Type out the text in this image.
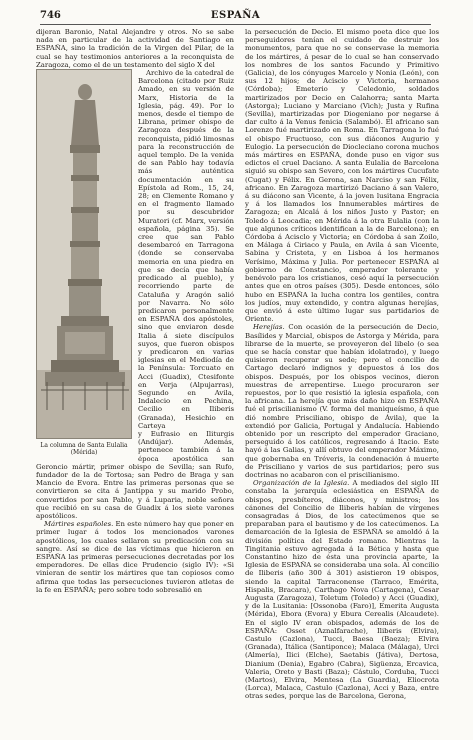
746	ESPAÑA

dijeran Baronio, Natal Alejandre y otros. No se sabe nada en particular de la actividad de Santiago en ESPAÑA, sino la tradición de la Virgen del Pilar, de la cual se hay testimonios anteriores a la reconquista de Zaragoza, como el de un testamento del siglo X del

La columna de Santa Eulalia
(Mérida)

Archivo de la catedral de Barcelona (citado por Ruiz Amado, en su versión de Marx, Historia de la Iglesia, pág. 49). Por lo menos, desde el tiempo de Librana, primer obispo de Zaragoza después de la reconquista, pidió limosnas para la reconstrucción de aquel templo. De la venida de san Pablo hay todavía más auténtica documentación en su Epístola ad Rom., 15, 24, 28; en Clemente Romano y en el fragmento llamado por su descubridor Muratori (cf. Marx, versión española, página 35). Se cree que san Pablo desembarcó en Tarragona (donde se conservaba memoria en una piedra en que se decía que había predicado al pueblo), y recorriendo parte de Cataluña y Aragón salió por Navarra. No sólo predicaron personalmente en ESPAÑA dos apóstoles, sino que enviaron desde Italia á siete discípulos suyos, que fueron obispos y predicaron en varias iglesias en el Mediodía de la Península: Torcuato en Acci (Guadix), Ctesifonte en Verja (Alpujarras), Segundo en Avila, Indalecio en Pechina, Cecilio en Iliberis (Granada), Hesichio en Carteya

y Eufrasio en Iliturgis (Andújar). Además, pertenece también á la época apostólica san Geroncio mártir, primer obispo de Sevilla; san Rufo, fundador de la de Tortosa; san Pedro de Braga y san Mancio de Evora. Entre las primeras personas que se convirtieron se cita á Jantippa y su marido Probo, convertidos por san Pablo, y á Luparia, noble señora que recibió en su casa de Guadix á los siete varones apostólicos.

Mártires españoles. En este número hay que poner en primer lugar á todos los mencionados varones apostólicos, los cuales sellaron su predicación con su sangre. Así se dice de las víctimas que hicieron en ESPAÑA las primeras persecuciones decretadas por los emperadores. De ellas dice Prudencio (siglo IV): «Si vinieran de sentir los mártires que tan copiosos como afirma que todas las persecuciones tuvieron atletas de la fe en ESPAÑA; pero sobre todo sobresalió en

la persecución de Decio. El mismo poeta dice que los perseguidores tenían el cuidado de destruir los monumentos, para que no se conservase la memoria de los mártires, á pesar de lo cual se han conservado los nombres de los santos Facundo y Primitivo (Galicia), de los cónyuges Marcelo y Nonia (León), con sus 12 hijos; de Aciscio y Victoria, hermanos (Córdoba); Emeterio y Celedonio, soldados martirizados por Decio en Calahorra; santa Marta (Astorga); Luciano y Marciano (Vich); Justa y Rufina (Sevilla), martirizadas por Diogeniano por negarse á dar culto á la Venus fenicia (Salambó). El africano san Lorenzo fué martirizado en Roma. En Tarragona lo fué el obispo Fructuoso, con sus diáconos Augurio y Eulogio. La persecución de Diocleciano corona muchos más mártires en ESPAÑA, donde puso en vigor sus edictos el cruel Daciano. A santa Eulalia de Barcelona siguió su obispo san Severo, con los mártires Cucufate (Cugat) y Félix. En Gerona, san Narciso y san Félix, africano. En Zaragoza martirizó Daciano á san Valero, á su diácono san Vicente, á la joven lusitana Engracia y á los llamados los Innumerables mártires de Zaragoza; en Alcalá á los niños Justo y Pastor; en Toledo á Leocadia; en Mérida á la otra Eulalia (con la que algunos críticos identifican a la de Barcelona); en Córdoba á Acisclo y Victoria; en Córdoba á san Zoilo, en Málaga á Ciriaco y Paula, en Avila á san Vicente, Sabina y Cristeta, y en Lisboa á los hermanos Verísimo, Máxima y Julia. Por pertenecer ESPAÑA al gobierno de Constancio, emperador tolerante y benévolo para los cristianos, cesó aquí la persecución antes que en otros países (305). Desde entonces, sólo hubo en ESPAÑA la lucha contra los gentiles, contra los judíos, muy extendido, y contra algunas herejías, que envió á este último lugar sus partidarios de Oriente.

Herejías. Con ocasión de la persecución de Decio, Basílides y Marcial, obispos de Astorga y Mérida, para librarse de la muerte, se proveyeron del libelo (o sea que se hacía constar que habían idolatrado), y luego quisieron recuperar su sede; pero el concilio de Cartago declaró indignos y depuestos á los dos obispos. Después, por los obispos vecinos, dieron muestras de arrepentirse. Luego procuraron ser repuestos, por lo que resistió la iglesia española, con la africana. La herejía que más daño hizo en ESPAÑA fué el priscilianismo (V. forma del maniqueísmo, á que dió nombre Prisciliano, obispo de Ávila), que la extendió por Galicia, Portugal y Andalucía. Habiendo obtenido por un rescripto del emperador Graciano, perseguido á los católicos, regresando á Itacio. Este hayó á las Galias, y allí obtuvo del emperador Máximo, que gobernaba en Tréveris, la condenación á muerte de Prisciliano y varios de sus partidarios; pero sus doctrinas no acabaron con el priscilianismo.

Organización de la Iglesia. A mediados del siglo III constaba la jerarquía eclesiástica en ESPAÑA de obispos, presbíteros, diáconos, y ministros; los cánones del Concilio de Iliberis habían de vírgenes consagradas á Dios, de los catecúmenos que se preparaban para el bautismo y de los catecúmenos. La demarcación de la Iglesia de ESPAÑA se amoldó á la división política del Estado romano. Mientras la Tingitania estuvo agregada á la Bética y hasta que Constantino hizo de ésta una provincia aparte, la Iglesia de ESPAÑA se consideraba una sola. Al concilio de Iliberis (año 300 á 301) asistieron 19 obispos, siendo la capital Tarraconense (Tarraco, Emérita, Hispalis, Bracara), Carthago Nova (Cartagena), Cesar Augusta (Zaragoza), Toletum (Toledo) y Acci (Guadix), y de la Lusitania: [Ossonoba (Faro)], Emerita Augusta (Mérida), Ebora (Evora) y Ebura Cerealis (Alcaudete). En el siglo IV eran obispados, además de los de ESPAÑA: Osset (Aznalfarache), Iliberis (Elvira), Castulo (Cazlona), Tucci, Baesa (Baeza); Elvira (Granada), Itálica (Santiponce); Malaca (Málaga), Urci (Almería), Ilici (Elche), Saetabis (Játiva), Dertosa, Dianium (Denia), Egabro (Cabra), Sigüenza, Ercavica, Valeria, Oreto y Basti (Baza); Cástulo, Corduba, Tucci (Martos), Elvira, Mentesa (La Guardia), Eliocrota (Lorca), Malaca, Castulo (Cazlona), Acci y Baza, entre otras sedes, porque las de Barcelona, Gerona,
